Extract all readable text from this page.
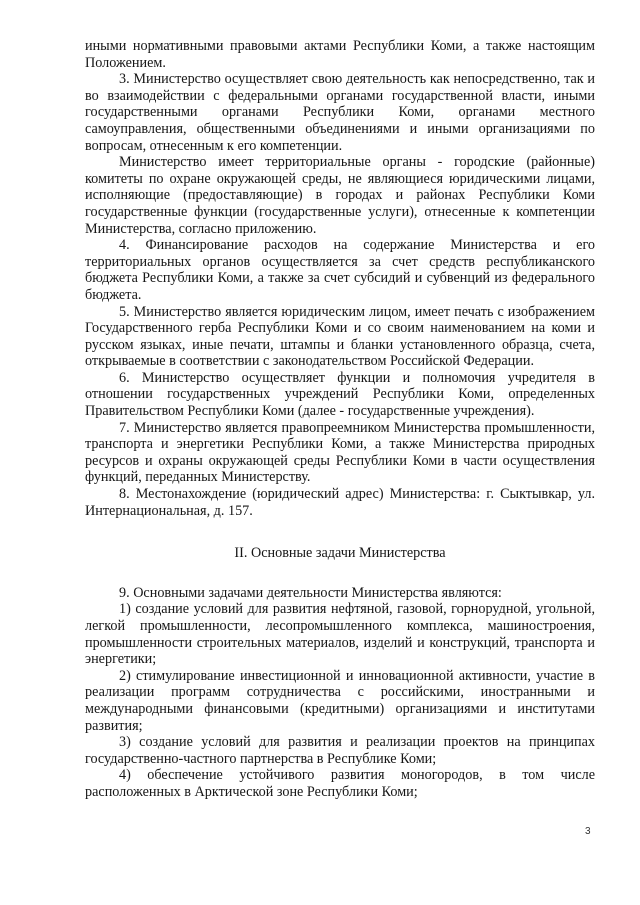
иными нормативными правовыми актами Республики Коми, а также настоящим Положением.

3. Министерство осуществляет свою деятельность как непосредственно, так и во взаимодействии с федеральными органами государственной власти, иными государственными органами Республики Коми, органами местного самоуправления, общественными объединениями и иными организациями по вопросам, отнесенным к его компетенции.

Министерство имеет территориальные органы - городские (районные) комитеты по охране окружающей среды, не являющиеся юридическими лицами, исполняющие (предоставляющие) в городах и районах Республики Коми государственные функции (государственные услуги), отнесенные к компетенции Министерства, согласно приложению.

4. Финансирование расходов на содержание Министерства и его территориальных органов осуществляется за счет средств республиканского бюджета Республики Коми, а также за счет субсидий и субвенций из федерального бюджета.

5. Министерство является юридическим лицом, имеет печать с изображением Государственного герба Республики Коми и со своим наименованием на коми и русском языках, иные печати, штампы и бланки установленного образца, счета, открываемые в соответствии с законодательством Российской Федерации.

6. Министерство осуществляет функции и полномочия учредителя в отношении государственных учреждений Республики Коми, определенных Правительством Республики Коми (далее - государственные учреждения).

7. Министерство является правопреемником Министерства промышленности, транспорта и энергетики Республики Коми, а также Министерства природных ресурсов и охраны окружающей среды Республики Коми в части осуществления функций, переданных Министерству.

8. Местонахождение (юридический адрес) Министерства: г. Сыктывкар, ул. Интернациональная, д. 157.

II. Основные задачи Министерства

9. Основными задачами деятельности Министерства являются:

1) создание условий для развития нефтяной, газовой, горнорудной, угольной, легкой промышленности, лесопромышленного комплекса, машиностроения, промышленности строительных материалов, изделий и конструкций, транспорта и энергетики;

2) стимулирование инвестиционной и инновационной активности, участие в реализации программ сотрудничества с российскими, иностранными и международными финансовыми (кредитными) организациями и институтами развития;

3) создание условий для развития и реализации проектов на принципах государственно-частного партнерства в Республике Коми;

4) обеспечение устойчивого развития моногородов, в том числе расположенных в Арктической зоне Республики Коми;

3
